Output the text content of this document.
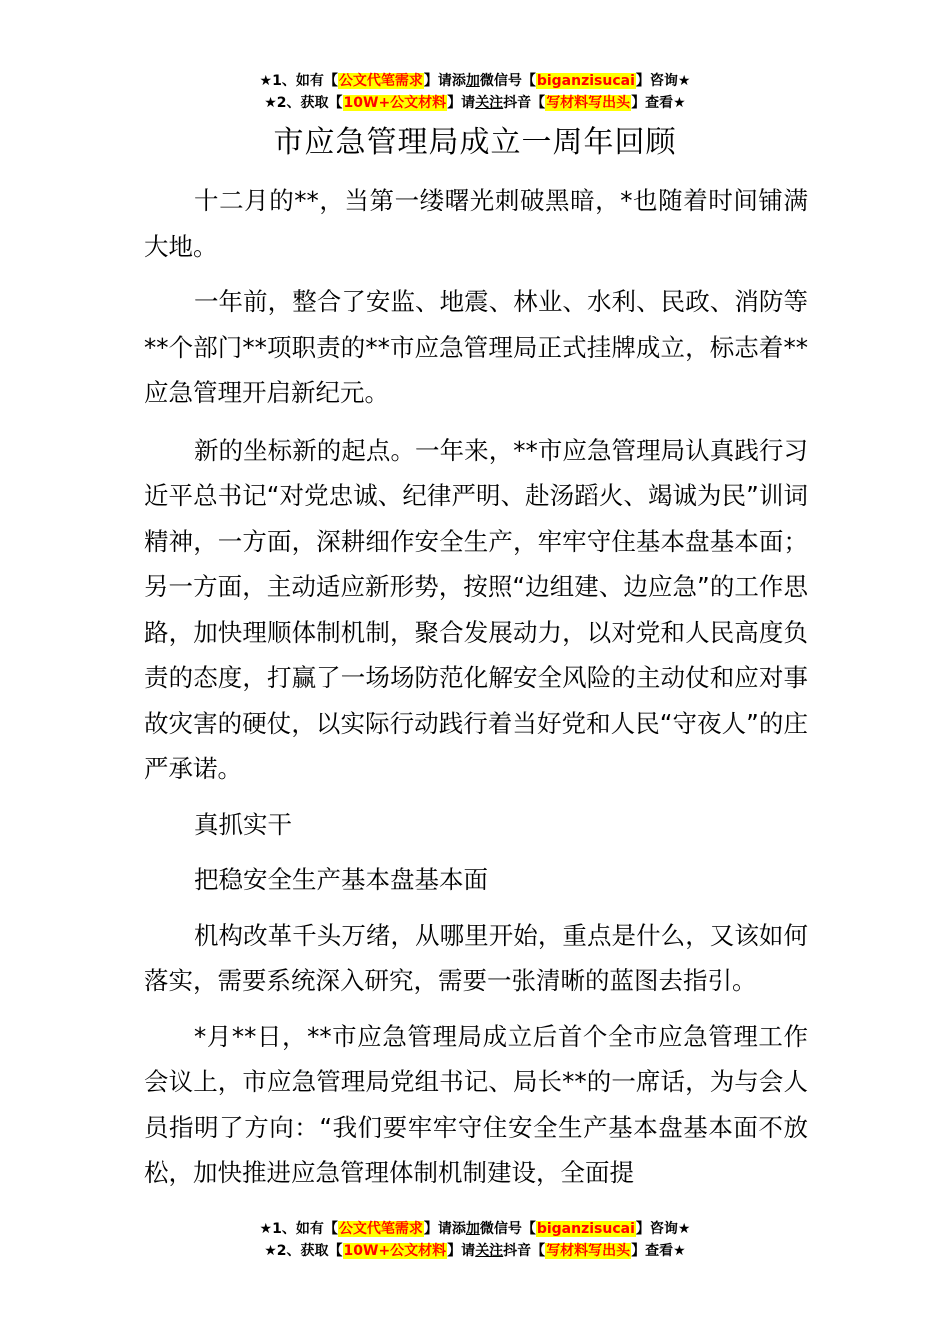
★1、如有【公文代笔需求】请添加微信号【biganzisucai】咨询★
★2、获取【10W+公文材料】请关注抖音【写材料写出头】查看★
市应急管理局成立一周年回顾

十二月的**，当第一缕曙光刺破黑暗，*也随着时间铺满大地。

一年前，整合了安监、地震、林业、水利、民政、消防等**个部门**项职责的**市应急管理局正式挂牌成立，标志着**应急管理开启新纪元。

新的坐标新的起点。一年来，**市应急管理局认真践行习近平总书记“对党忠诚、纪律严明、赴汤蹈火、竭诚为民”训词精神，一方面，深耕细作安全生产，牢牢守住基本盘基本面；另一方面，主动适应新形势，按照“边组建、边应急”的工作思路，加快理顺体制机制，聚合发展动力，以对党和人民高度负责的态度，打赢了一场场防范化解安全风险的主动仗和应对事故灾害的硬仗，以实际行动践行着当好党和人民“守夜人”的庄严承诺。

真抓实干

把稳安全生产基本盘基本面

机构改革千头万绪，从哪里开始，重点是什么，又该如何落实，需要系统深入研究，需要一张清晰的蓝图去指引。

*月**日，**市应急管理局成立后首个全市应急管理工作会议上，市应急管理局党组书记、局长**的一席话，为与会人员指明了方向：“我们要牢牢守住安全生产基本盘基本面不放松，加快推进应急管理体制机制建设，全面提

★1、如有【公文代笔需求】请添加微信号【biganzisucai】咨询★
★2、获取【10W+公文材料】请关注抖音【写材料写出头】查看★
